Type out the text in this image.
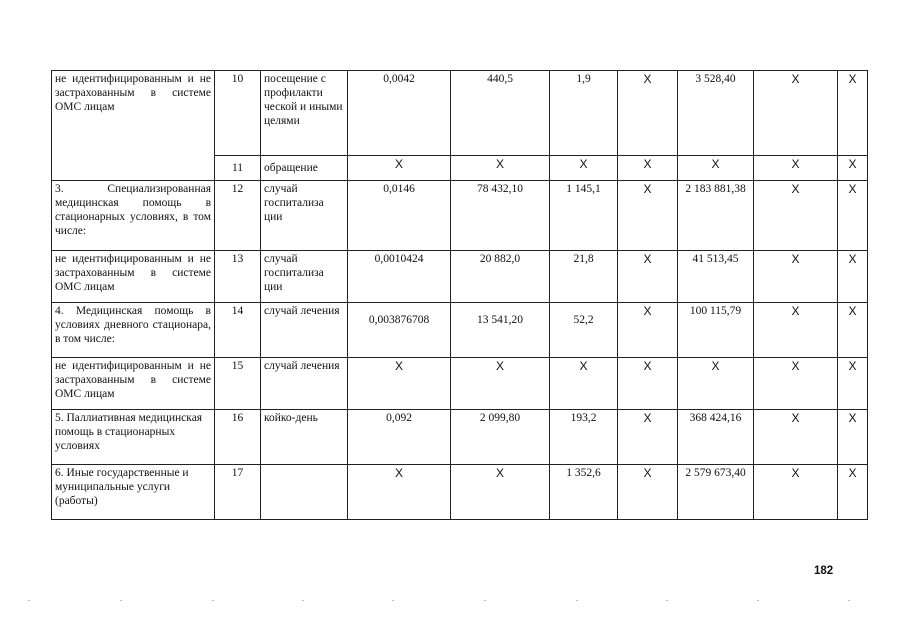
не идентифицированным и не застрахованным в системе ОМС лицам	10	посещение с профилакти ческой и иными целями	0,0042	440,5	1,9	Х	3 528,40	Х	Х
	11	обращение	Х	Х	Х	Х	Х	Х	Х
3. Специализированная медицинская помощь в стационарных условиях, в том числе:	12	случай госпитализа ции	0,0146	78 432,10	1 145,1	Х	2 183 881,38	Х	Х
не идентифицированным и не застрахованным в системе ОМС лицам	13	случай госпитализа ции	0,0010424	20 882,0	21,8	Х	41 513,45	Х	Х
4. Медицинская помощь в условиях дневного стационара, в том числе:	14	случай лечения	0,003876708	13 541,20	52,2	Х	100 115,79	Х	Х
не идентифицированным и не застрахованным в системе ОМС лицам	15	случай лечения	Х	Х	Х	Х	Х	Х	Х
5. Паллиативная медицинская помощь в стационарных условиях	16	койко-день	0,092	2 099,80	193,2	Х	368 424,16	Х	Х
6. Иные государственные и муниципальные услуги (работы)	17		Х	Х	1 352,6	Х	2 579 673,40	Х	Х
182
